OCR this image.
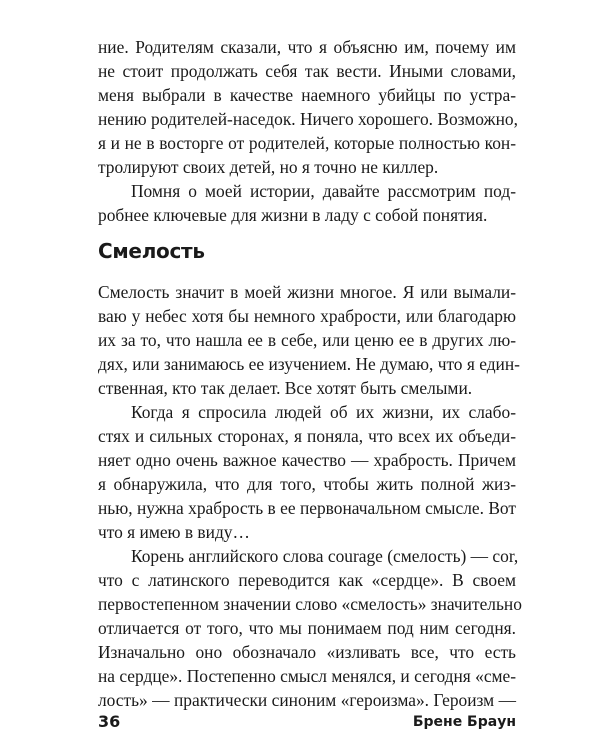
ние. Родителям сказали, что я объясню им, почему им
не стоит продолжать себя так вести. Иными словами,
меня выбрали в качестве наемного убийцы по устра-
нению родителей-наседок. Ничего хорошего. Возможно,
я и не в восторге от родителей, которые полностью кон-
тролируют своих детей, но я точно не киллер.
Помня о моей истории, давайте рассмотрим под-
робнее ключевые для жизни в ладу с собой понятия.
Смелость
Смелость значит в моей жизни многое. Я или вымали-
ваю у небес хотя бы немного храбрости, или благодарю
их за то, что нашла ее в себе, или ценю ее в других лю-
дях, или занимаюсь ее изучением. Не думаю, что я един-
ственная, кто так делает. Все хотят быть смелыми.
Когда я спросила людей об их жизни, их слабо-
стях и сильных сторонах, я поняла, что всех их объеди-
няет одно очень важное качество — храбрость. Причем
я обнаружила, что для того, чтобы жить полной жиз-
нью, нужна храбрость в ее первоначальном смысле. Вот
что я имею в виду…
Корень английского слова courage (смелость) — cor,
что с латинского переводится как «сердце». В своем
первостепенном значении слово «смелость» значительно
отличается от того, что мы понимаем под ним сегодня.
Изначально оно обозначало «изливать все, что есть
на сердце». Постепенно смысл менялся, и сегодня «сме-
лость» — практически синоним «героизма». Героизм —
36	Брене Браун
